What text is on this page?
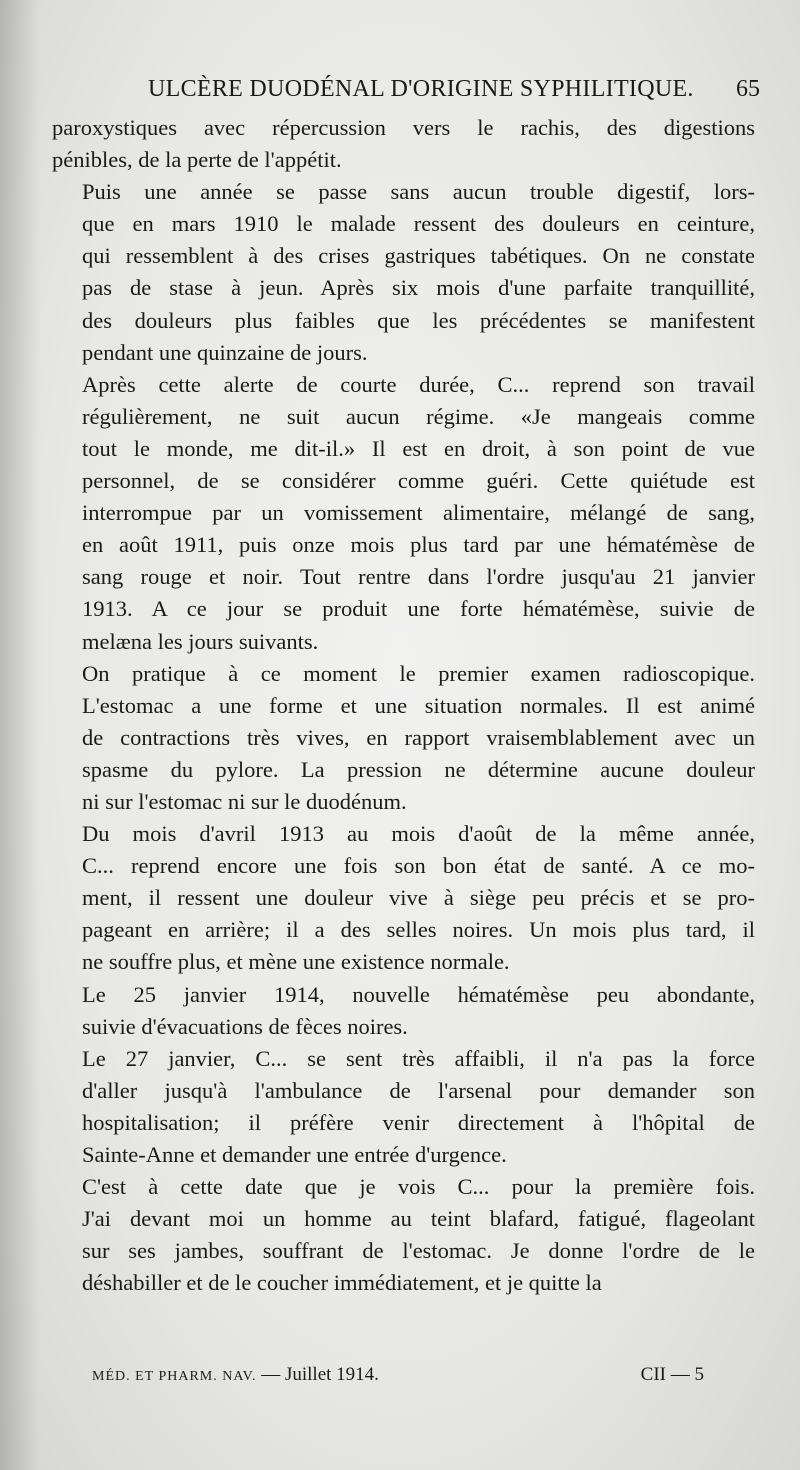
ULCÈRE DUODÉNAL D'ORIGINE SYPHILITIQUE. 65

paroxystiques avec répercussion vers le rachis, des digestions
pénibles, de la perte de l'appétit.

Puis une année se passe sans aucun trouble digestif, lors-
que en mars 1910 le malade ressent des douleurs en ceinture,
qui ressemblent à des crises gastriques tabétiques. On ne constate
pas de stase à jeun. Après six mois d'une parfaite tranquillité,
des douleurs plus faibles que les précédentes se manifestent
pendant une quinzaine de jours.

Après cette alerte de courte durée, C... reprend son travail
régulièrement, ne suit aucun régime. «Je mangeais comme
tout le monde, me dit-il.» Il est en droit, à son point de vue
personnel, de se considérer comme guéri. Cette quiétude est
interrompue par un vomissement alimentaire, mélangé de sang,
en août 1911, puis onze mois plus tard par une hématémèse de
sang rouge et noir. Tout rentre dans l'ordre jusqu'au 21 janvier
1913. A ce jour se produit une forte hématémèse, suivie de
melæna les jours suivants.

On pratique à ce moment le premier examen radioscopique.
L'estomac a une forme et une situation normales. Il est animé
de contractions très vives, en rapport vraisemblablement avec un
spasme du pylore. La pression ne détermine aucune douleur
ni sur l'estomac ni sur le duodénum.

Du mois d'avril 1913 au mois d'août de la même année,
C... reprend encore une fois son bon état de santé. A ce mo-
ment, il ressent une douleur vive à siège peu précis et se pro-
pageant en arrière; il a des selles noires. Un mois plus tard, il
ne souffre plus, et mène une existence normale.

Le 25 janvier 1914, nouvelle hématémèse peu abondante,
suivie d'évacuations de fèces noires.

Le 27 janvier, C... se sent très affaibli, il n'a pas la force
d'aller jusqu'à l'ambulance de l'arsenal pour demander son
hospitalisation; il préfère venir directement à l'hôpital de
Sainte-Anne et demander une entrée d'urgence.

C'est à cette date que je vois C... pour la première fois.
J'ai devant moi un homme au teint blafard, fatigué, flageolant
sur ses jambes, souffrant de l'estomac. Je donne l'ordre de le
déshabiller et de le coucher immédiatement, et je quitte la

MÉD. ET PHARM. NAV. — Juillet 1914.	CII — 5
